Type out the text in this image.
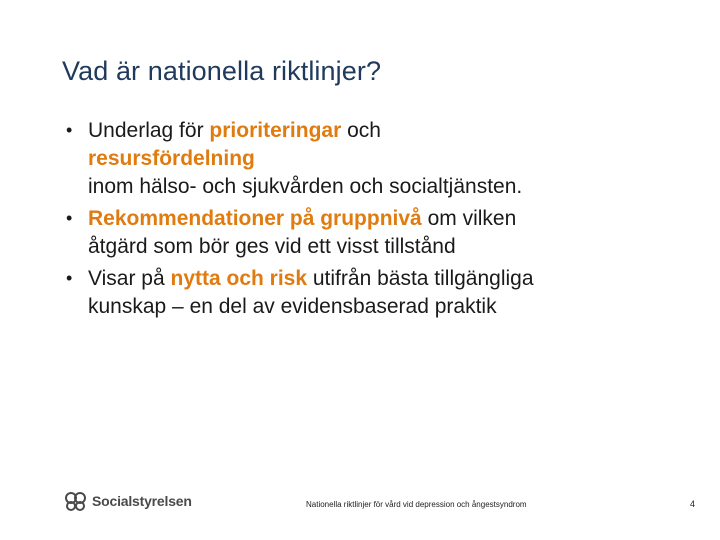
Vad är nationella riktlinjer?
• Underlag för prioriteringar och
resursfördelning
inom hälso- och sjukvården och socialtjänsten.
• Rekommendationer på gruppnivå om vilken
åtgärd som bör ges vid ett visst tillstånd
• Visar på nytta och risk utifrån bästa tillgängliga
kunskap – en del av evidensbaserad praktik
Socialstyrelsen	Nationella riktlinjer för vård vid depression och ångestsyndrom	4
